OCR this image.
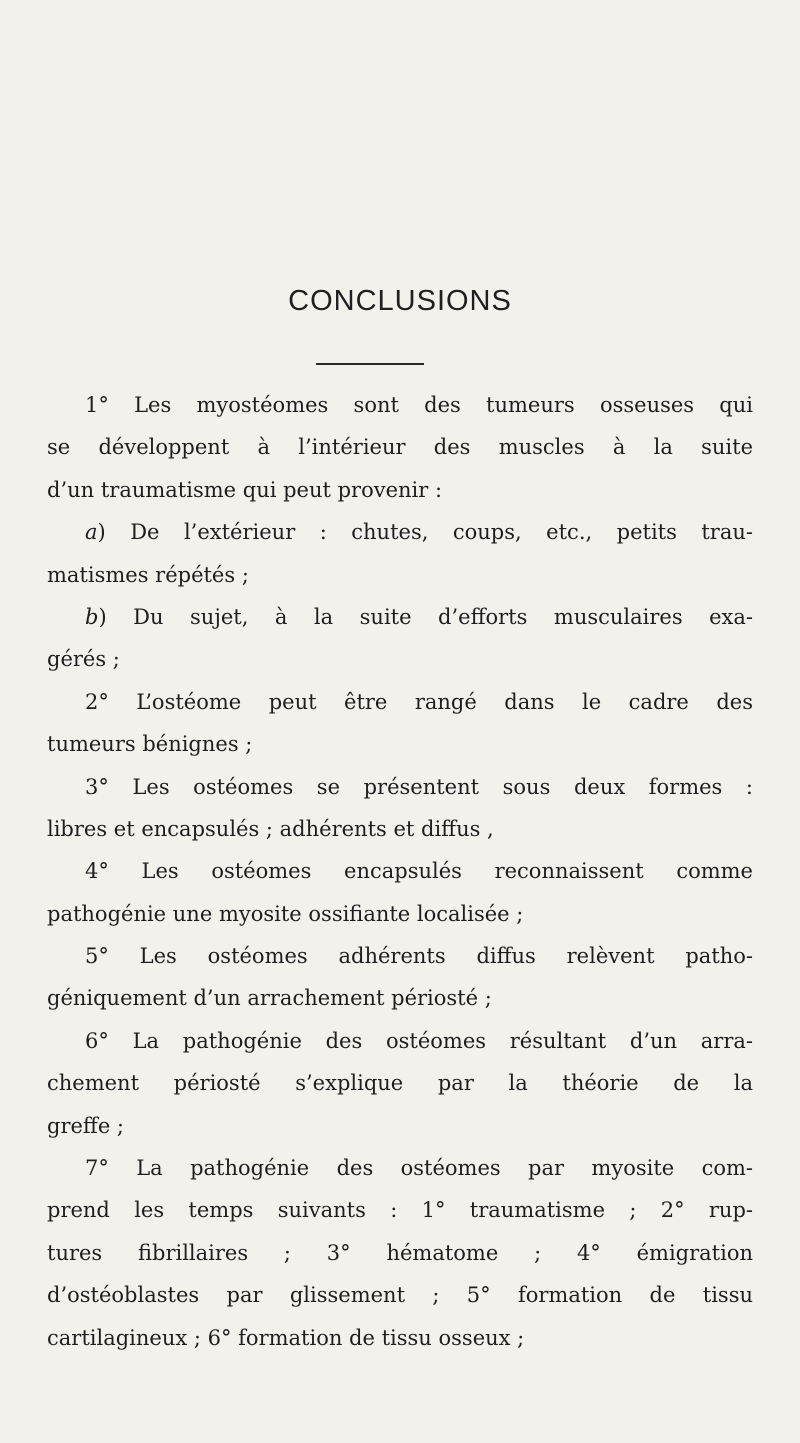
CONCLUSIONS
1° Les myostéomes sont des tumeurs osseuses qui
se développent à l’intérieur des muscles à la suite
d’un traumatisme qui peut provenir :
a) De l’extérieur : chutes, coups, etc., petits trau-
matismes répétés ;
b) Du sujet, à la suite d’efforts musculaires exa-
gérés ;
2° L’ostéome peut être rangé dans le cadre des
tumeurs bénignes ;
3° Les ostéomes se présentent sous deux formes :
libres et encapsulés ; adhérents et diffus ,
4° Les ostéomes encapsulés reconnaissent comme
pathogénie une myosite ossifiante localisée ;
5° Les ostéomes adhérents diffus relèvent patho-
géniquement d’un arrachement périosté ;
6° La pathogénie des ostéomes résultant d’un arra-
chement périosté s’explique par la théorie de la
greffe ;
7° La pathogénie des ostéomes par myosite com-
prend les temps suivants : 1° traumatisme ; 2° rup-
tures fibrillaires ; 3° hématome ; 4° émigration
d’ostéoblastes par glissement ; 5° formation de tissu
cartilagineux ; 6° formation de tissu osseux ;
